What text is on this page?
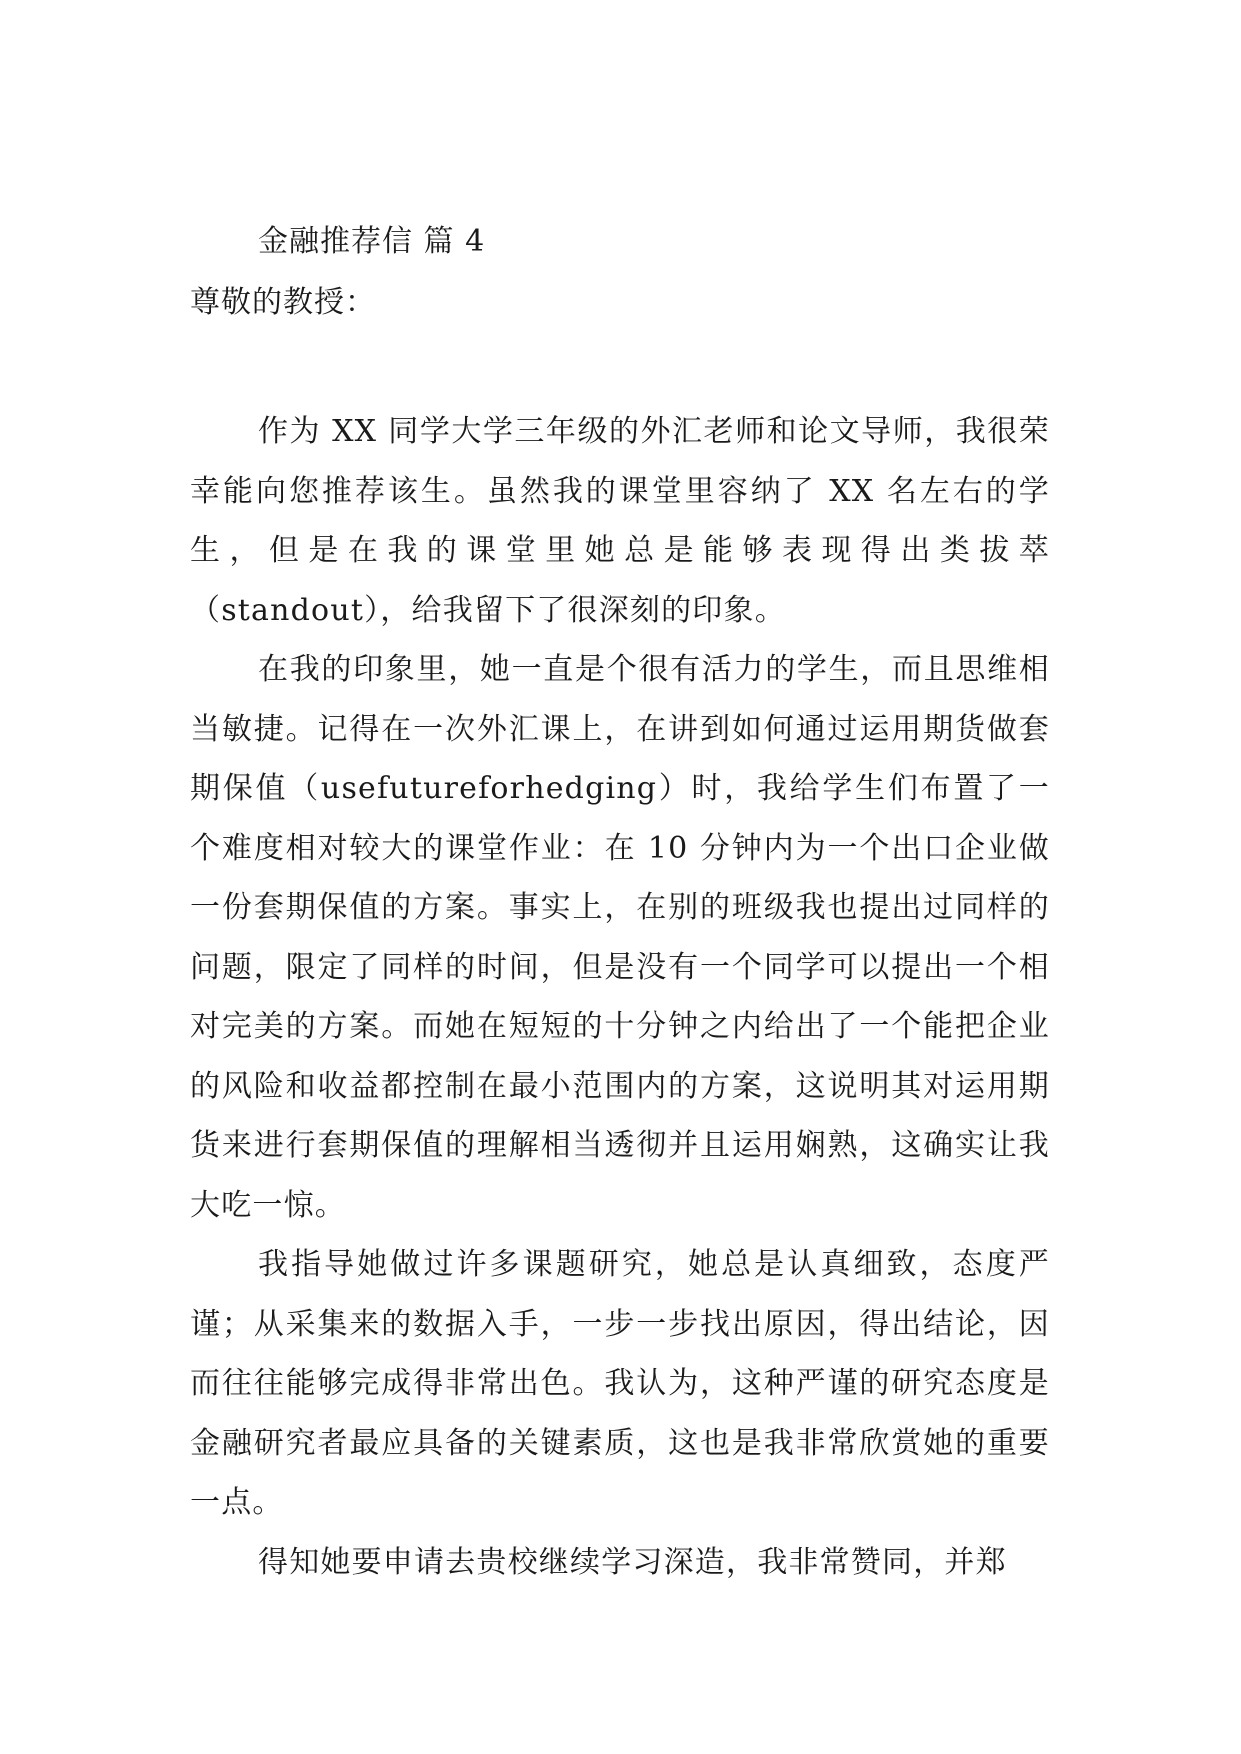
金融推荐信 篇 4
尊敬的教授：

作为 XX 同学大学三年级的外汇老师和论文导师，我很荣幸能向您推荐该生。虽然我的课堂里容纳了 XX 名左右的学生，但是在我的课堂里她总是能够表现得出类拔萃（standout），给我留下了很深刻的印象。

在我的印象里，她一直是个很有活力的学生，而且思维相当敏捷。记得在一次外汇课上，在讲到如何通过运用期货做套期保值（usefutureforhedging）时，我给学生们布置了一个难度相对较大的课堂作业：在 10 分钟内为一个出口企业做一份套期保值的方案。事实上，在别的班级我也提出过同样的问题，限定了同样的时间，但是没有一个同学可以提出一个相对完美的方案。而她在短短的十分钟之内给出了一个能把企业的风险和收益都控制在最小范围内的方案，这说明其对运用期货来进行套期保值的理解相当透彻并且运用娴熟，这确实让我大吃一惊。

我指导她做过许多课题研究，她总是认真细致，态度严谨；从采集来的数据入手，一步一步找出原因，得出结论，因而往往能够完成得非常出色。我认为，这种严谨的研究态度是金融研究者最应具备的关键素质，这也是我非常欣赏她的重要一点。

得知她要申请去贵校继续学习深造，我非常赞同，并郑
